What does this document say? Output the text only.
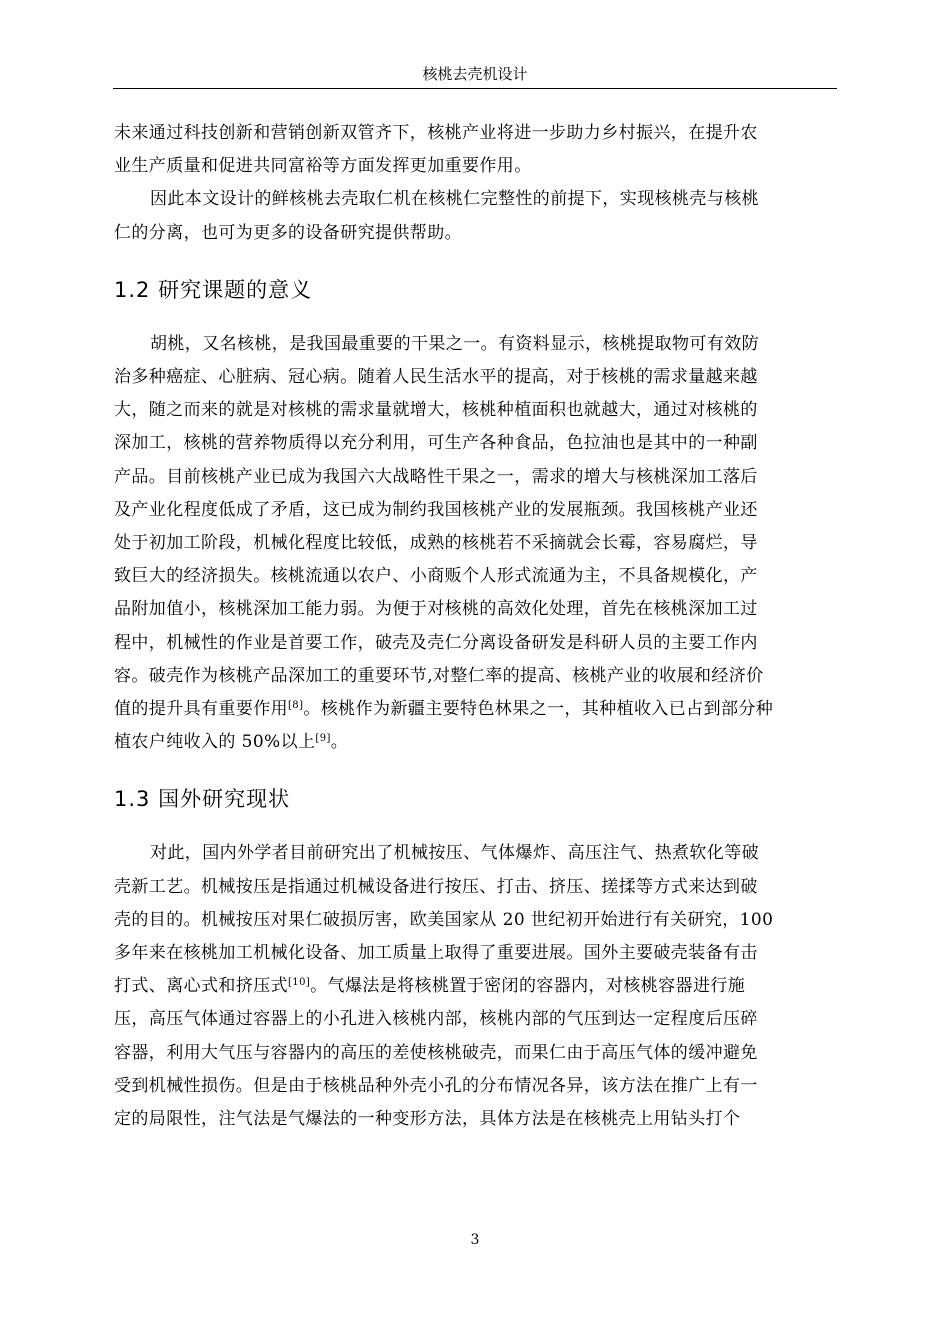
核桃去壳机设计

未来通过科技创新和营销创新双管齐下，核桃产业将进一步助力乡村振兴，在提升农
业生产质量和促进共同富裕等方面发挥更加重要作用。

因此本文设计的鲜核桃去壳取仁机在核桃仁完整性的前提下，实现核桃壳与核桃
仁的分离，也可为更多的设备研究提供帮助。

1.2 研究课题的意义

胡桃，又名核桃，是我国最重要的干果之一。有资料显示，核桃提取物可有效防
治多种癌症、心脏病、冠心病。随着人民生活水平的提高，对于核桃的需求量越来越
大，随之而来的就是对核桃的需求量就增大，核桃种植面积也就越大，通过对核桃的
深加工，核桃的营养物质得以充分利用，可生产各种食品，色拉油也是其中的一种副
产品。目前核桃产业已成为我国六大战略性干果之一，需求的增大与核桃深加工落后
及产业化程度低成了矛盾，这已成为制约我国核桃产业的发展瓶颈。我国核桃产业还
处于初加工阶段，机械化程度比较低，成熟的核桃若不采摘就会长霉，容易腐烂，导
致巨大的经济损失。核桃流通以农户、小商贩个人形式流通为主，不具备规模化，产
品附加值小，核桃深加工能力弱。为便于对核桃的高效化处理，首先在核桃深加工过
程中，机械性的作业是首要工作，破壳及壳仁分离设备研发是科研人员的主要工作内
容。破壳作为核桃产品深加工的重要环节,对整仁率的提高、核桃产业的收展和经济价
值的提升具有重要作用[8]。核桃作为新疆主要特色林果之一，其种植收入已占到部分种
植农户纯收入的 50%以上[9]。

1.3 国外研究现状

对此，国内外学者目前研究出了机械按压、气体爆炸、高压注气、热煮软化等破
壳新工艺。机械按压是指通过机械设备进行按压、打击、挤压、搓揉等方式来达到破
壳的目的。机械按压对果仁破损厉害，欧美国家从 20 世纪初开始进行有关研究，100
多年来在核桃加工机械化设备、加工质量上取得了重要进展。国外主要破壳装备有击
打式、离心式和挤压式[10]。气爆法是将核桃置于密闭的容器内，对核桃容器进行施
压，高压气体通过容器上的小孔进入核桃内部，核桃内部的气压到达一定程度后压碎
容器，利用大气压与容器内的高压的差使核桃破壳，而果仁由于高压气体的缓冲避免
受到机械性损伤。但是由于核桃品种外壳小孔的分布情况各异，该方法在推广上有一
定的局限性，注气法是气爆法的一种变形方法，具体方法是在核桃壳上用钻头打个

3
